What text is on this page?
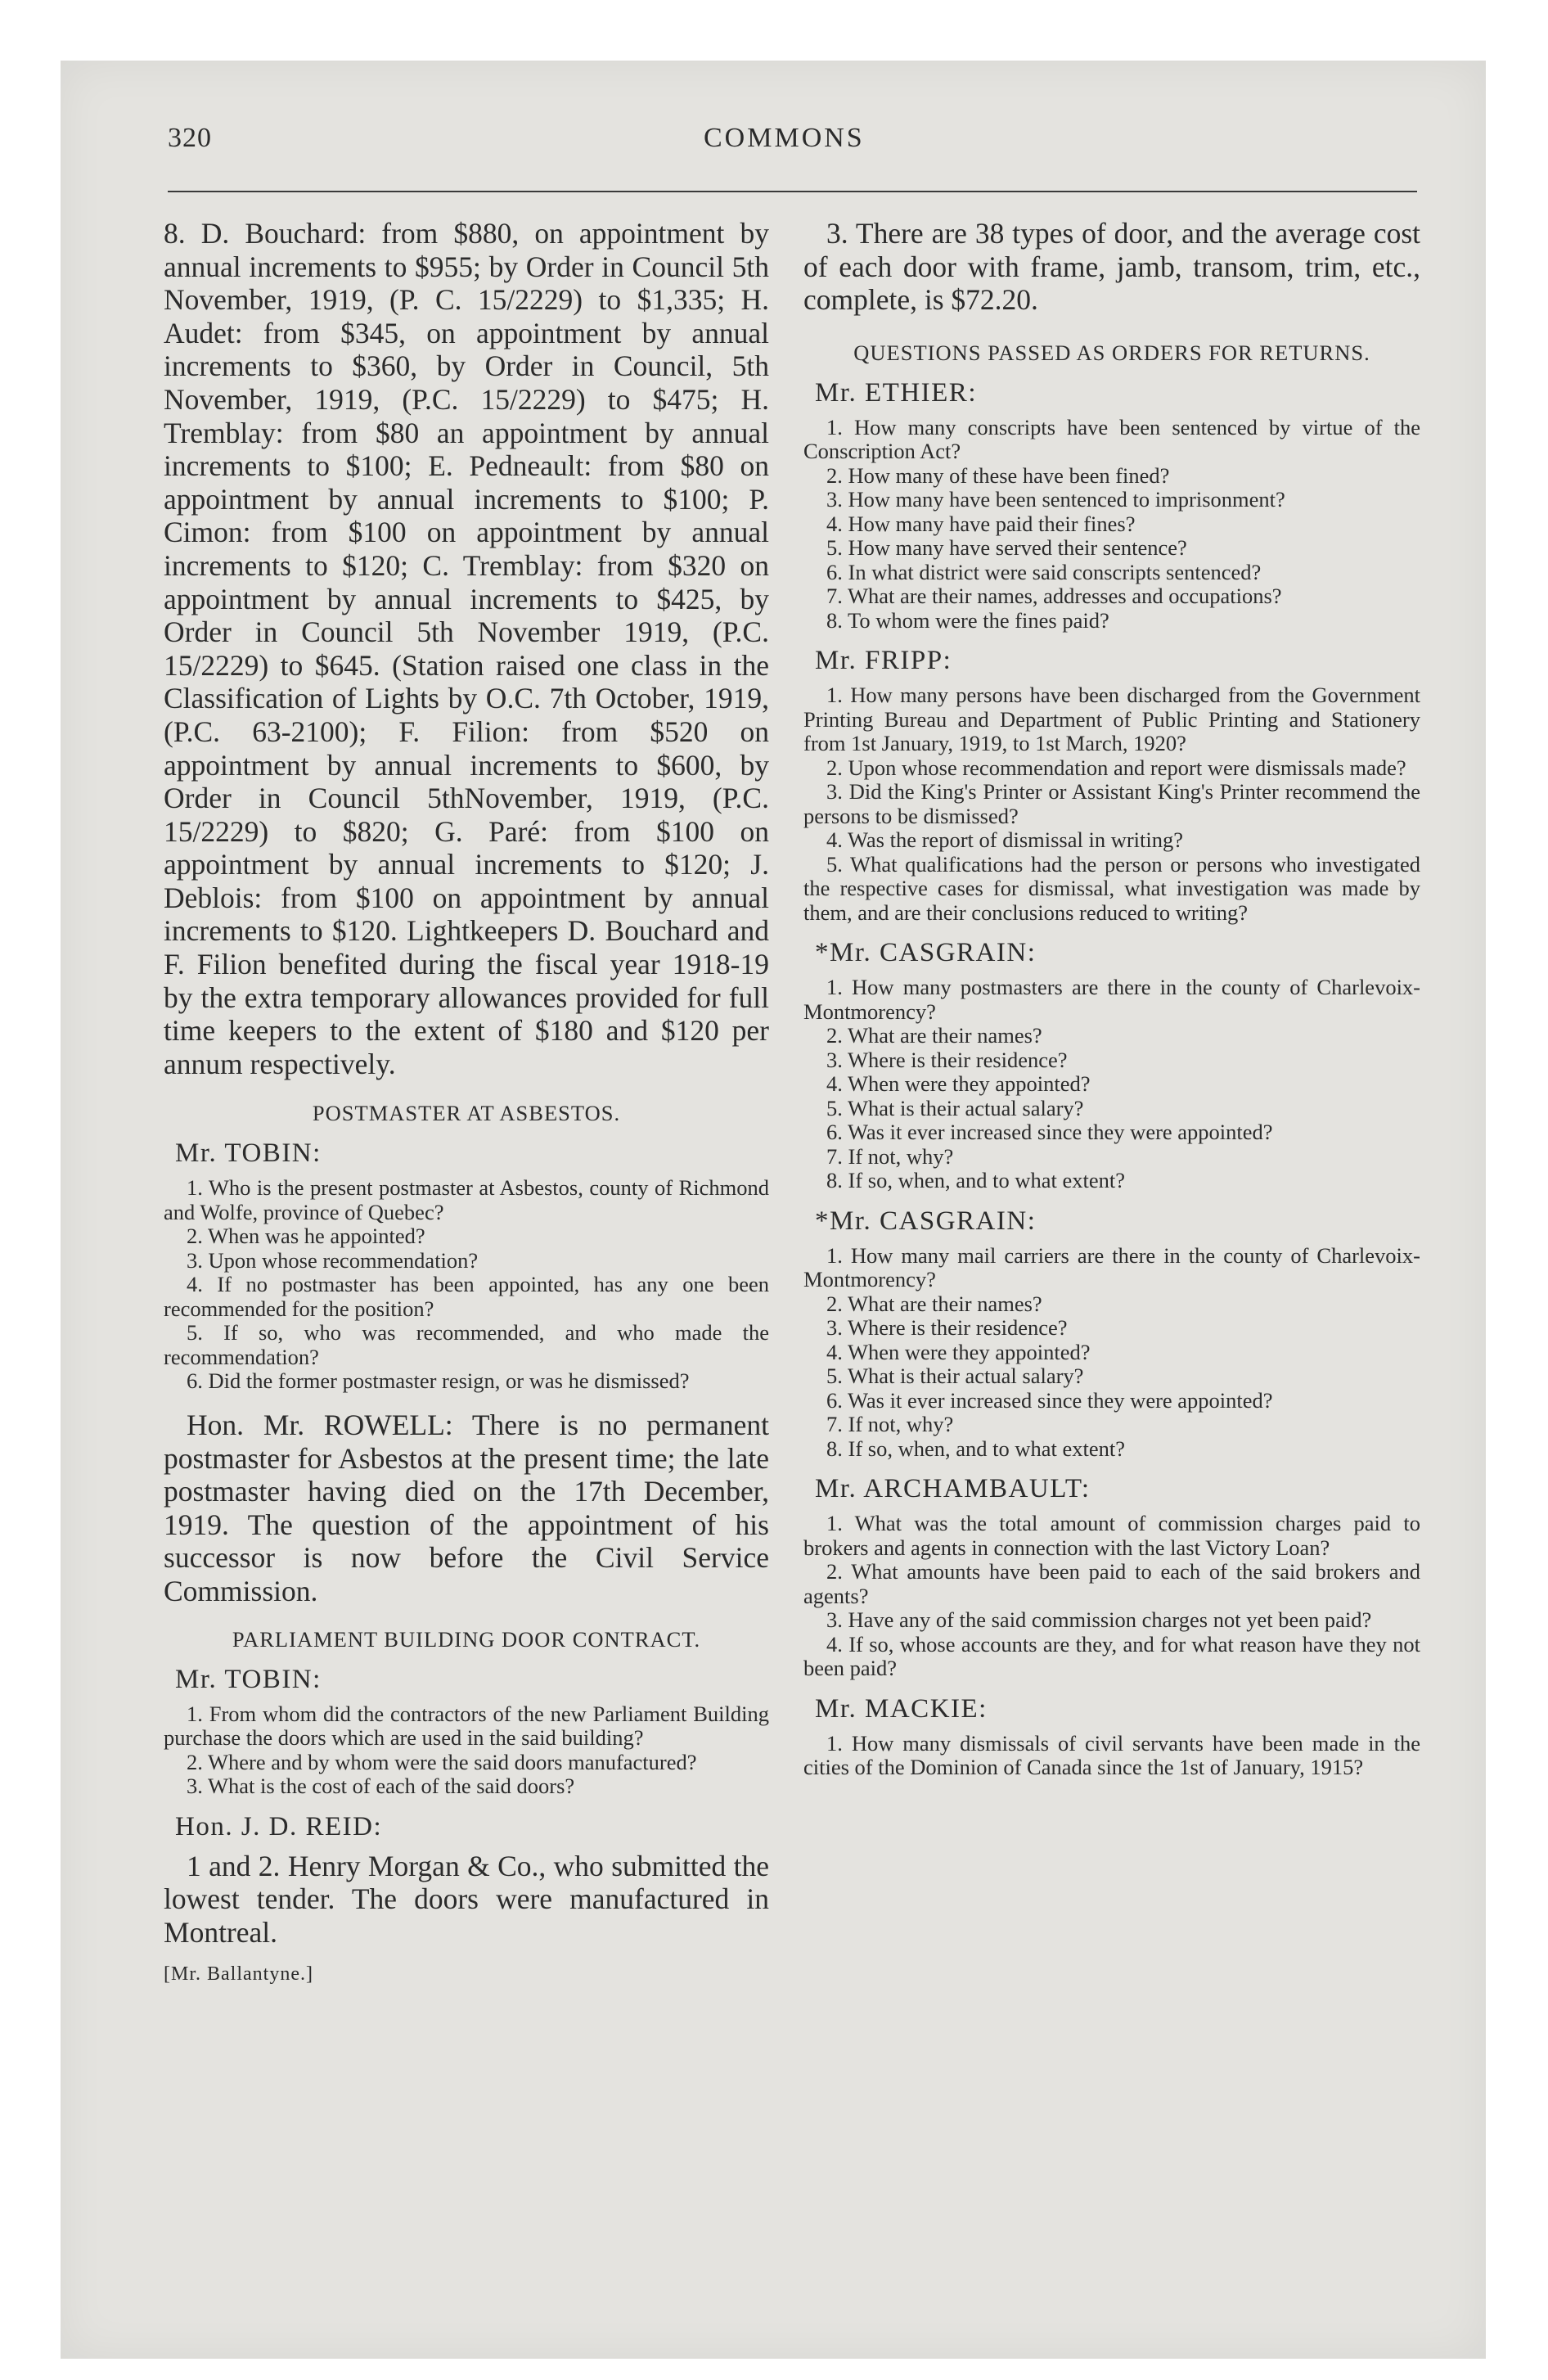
320	COMMONS

8. D. Bouchard: from $880, on appointment by annual increments to $955; by Order in Council 5th November, 1919, (P. C. 15/2229) to $1,335; H. Audet: from $345, on appointment by annual increments to $360, by Order in Council, 5th November, 1919, (P.C. 15/2229) to $475; H. Tremblay: from $80 an appointment by annual increments to $100; E. Pedneault: from $80 on appointment by annual increments to $100; P. Cimon: from $100 on appointment by annual increments to $120; C. Tremblay: from $320 on appointment by annual increments to $425, by Order in Council 5th November 1919, (P.C. 15/2229) to $645. (Station raised one class in the Classification of Lights by O.C. 7th October, 1919, (P.C. 63-2100); F. Filion: from $520 on appointment by annual increments to $600, by Order in Council 5thNovember, 1919, (P.C. 15/2229) to $820; G. Paré: from $100 on appointment by annual increments to $120; J. Deblois: from $100 on appointment by annual increments to $120. Lightkeepers D. Bouchard and F. Filion benefited during the fiscal year 1918-19 by the extra temporary allowances provided for full time keepers to the extent of $180 and $120 per annum respectively.

POSTMASTER AT ASBESTOS.

Mr. TOBIN:

1. Who is the present postmaster at Asbestos, county of Richmond and Wolfe, province of Quebec?

2. When was he appointed?

3. Upon whose recommendation?

4. If no postmaster has been appointed, has any one been recommended for the position?

5. If so, who was recommended, and who made the recommendation?

6. Did the former postmaster resign, or was he dismissed?

Hon. Mr. ROWELL: There is no permanent postmaster for Asbestos at the present time; the late postmaster having died on the 17th December, 1919. The question of the appointment of his successor is now before the Civil Service Commission.

PARLIAMENT BUILDING DOOR CONTRACT.

Mr. TOBIN:

1. From whom did the contractors of the new Parliament Building purchase the doors which are used in the said building?

2. Where and by whom were the said doors manufactured?

3. What is the cost of each of the said doors?

Hon. J. D. REID:

1 and 2. Henry Morgan & Co., who submitted the lowest tender. The doors were manufactured in Montreal.

[Mr. Ballantyne.]

3. There are 38 types of door, and the average cost of each door with frame, jamb, transom, trim, etc., complete, is $72.20.

QUESTIONS PASSED AS ORDERS FOR RETURNS.

Mr. ETHIER:

1. How many conscripts have been sentenced by virtue of the Conscription Act?

2. How many of these have been fined?

3. How many have been sentenced to imprisonment?

4. How many have paid their fines?

5. How many have served their sentence?

6. In what district were said conscripts sentenced?

7. What are their names, addresses and occupations?

8. To whom were the fines paid?

Mr. FRIPP:

1. How many persons have been discharged from the Government Printing Bureau and Department of Public Printing and Stationery from 1st January, 1919, to 1st March, 1920?

2. Upon whose recommendation and report were dismissals made?

3. Did the King's Printer or Assistant King's Printer recommend the persons to be dismissed?

4. Was the report of dismissal in writing?

5. What qualifications had the person or persons who investigated the respective cases for dismissal, what investigation was made by them, and are their conclusions reduced to writing?

*Mr. CASGRAIN:

1. How many postmasters are there in the county of Charlevoix-Montmorency?

2. What are their names?

3. Where is their residence?

4. When were they appointed?

5. What is their actual salary?

6. Was it ever increased since they were appointed?

7. If not, why?

8. If so, when, and to what extent?

*Mr. CASGRAIN:

1. How many mail carriers are there in the county of Charlevoix-Montmorency?

2. What are their names?

3. Where is their residence?

4. When were they appointed?

5. What is their actual salary?

6. Was it ever increased since they were appointed?

7. If not, why?

8. If so, when, and to what extent?

Mr. ARCHAMBAULT:

1. What was the total amount of commission charges paid to brokers and agents in connection with the last Victory Loan?

2. What amounts have been paid to each of the said brokers and agents?

3. Have any of the said commission charges not yet been paid?

4. If so, whose accounts are they, and for what reason have they not been paid?

Mr. MACKIE:

1. How many dismissals of civil servants have been made in the cities of the Dominion of Canada since the 1st of January, 1915?
